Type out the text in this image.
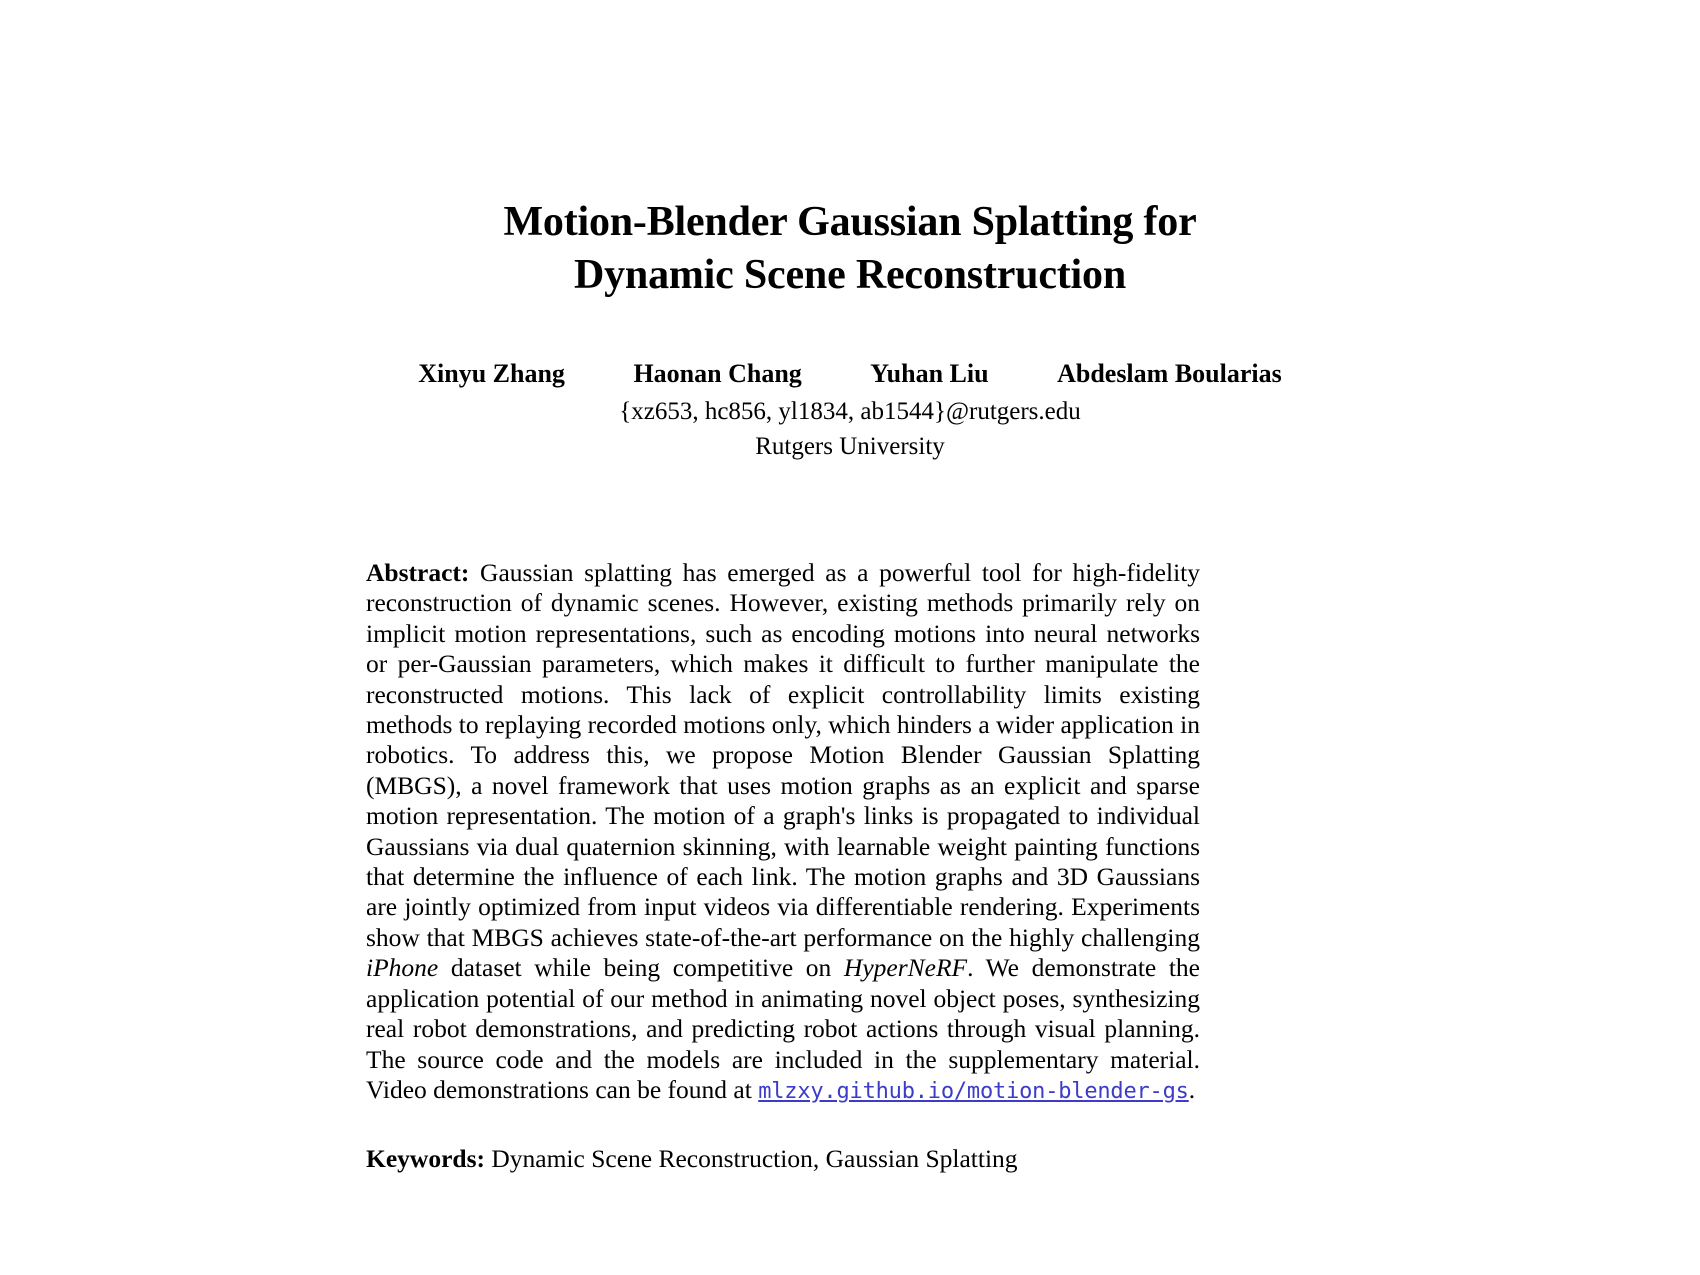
Motion-Blender Gaussian Splatting for
Dynamic Scene Reconstruction
Xinyu Zhang	Haonan Chang	Yuhan Liu	Abdeslam Boularias
{xz653, hc856, yl1834, ab1544}@rutgers.edu
Rutgers University

Abstract: Gaussian splatting has emerged as a powerful tool for high-fidelity reconstruction of dynamic scenes. However, existing methods primarily rely on implicit motion representations, such as encoding motions into neural networks or per-Gaussian parameters, which makes it difficult to further manipulate the reconstructed motions. This lack of explicit controllability limits existing methods to replaying recorded motions only, which hinders a wider application in robotics. To address this, we propose Motion Blender Gaussian Splatting (MBGS), a novel framework that uses motion graphs as an explicit and sparse motion representation. The motion of a graph's links is propagated to individual Gaussians via dual quaternion skinning, with learnable weight painting functions that determine the influence of each link. The motion graphs and 3D Gaussians are jointly optimized from input videos via differentiable rendering. Experiments show that MBGS achieves state-of-the-art performance on the highly challenging iPhone dataset while being competitive on HyperNeRF. We demonstrate the application potential of our method in animating novel object poses, synthesizing real robot demonstrations, and predicting robot actions through visual planning. The source code and the models are included in the supplementary material. Video demonstrations can be found at mlzxy.github.io/motion-blender-gs.

Keywords: Dynamic Scene Reconstruction, Gaussian Splatting
